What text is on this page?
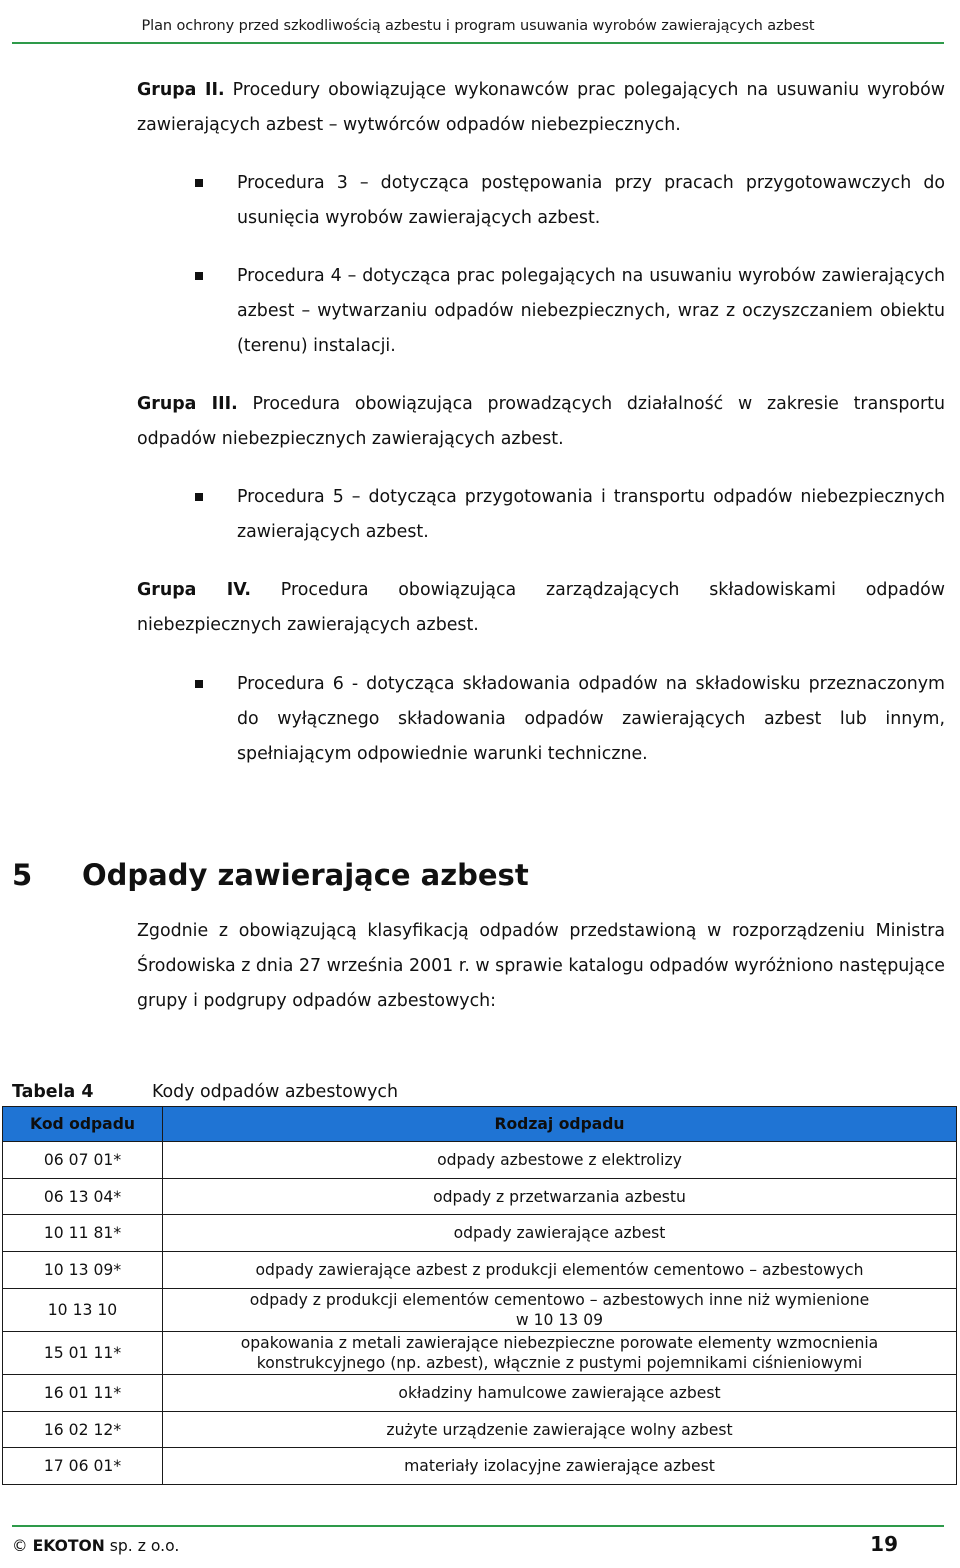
Plan ochrony przed szkodliwością azbestu i program usuwania wyrobów zawierających azbest

Grupa II. Procedury obowiązujące wykonawców prac polegających na usuwaniu wyrobów zawierających azbest – wytwórców odpadów niebezpiecznych.

Procedura 3 – dotycząca postępowania przy pracach przygotowawczych do usunięcia wyrobów zawierających azbest.

Procedura 4 – dotycząca prac polegających na usuwaniu wyrobów zawierających azbest – wytwarzaniu odpadów niebezpiecznych, wraz z oczyszczaniem obiektu (terenu) instalacji.

Grupa III. Procedura obowiązująca prowadzących działalność w zakresie transportu odpadów niebezpiecznych zawierających azbest.

Procedura 5 – dotycząca przygotowania i transportu odpadów niebezpiecznych zawierających azbest.

Grupa IV. Procedura obowiązująca zarządzających składowiskami odpadów niebezpiecznych zawierających azbest.

Procedura 6 - dotycząca składowania odpadów na składowisku przeznaczonym do wyłącznego składowania odpadów zawierających azbest lub innym, spełniającym odpowiednie warunki techniczne.

5 Odpady zawierające azbest

Zgodnie z obowiązującą klasyfikacją odpadów przedstawioną w rozporządzeniu Ministra Środowiska z dnia 27 września 2001 r. w sprawie katalogu odpadów wyróżniono następujące grupy i podgrupy odpadów azbestowych:

Tabela 4	Kody odpadów azbestowych
Kod odpadu	Rodzaj odpadu
06 07 01*	odpady azbestowe z elektrolizy
06 13 04*	odpady z przetwarzania azbestu
10 11 81*	odpady zawierające azbest
10 13 09*	odpady zawierające azbest z produkcji elementów cementowo – azbestowych
10 13 10	odpady z produkcji elementów cementowo – azbestowych inne niż wymienione w 10 13 09
15 01 11*	opakowania z metali zawierające niebezpieczne porowate elementy wzmocnienia konstrukcyjnego (np. azbest), włącznie z pustymi pojemnikami ciśnieniowymi
16 01 11*	okładziny hamulcowe zawierające azbest
16 02 12*	zużyte urządzenie zawierające wolny azbest
17 06 01*	materiały izolacyjne zawierające azbest
© EKOTON sp. z o.o.	19
